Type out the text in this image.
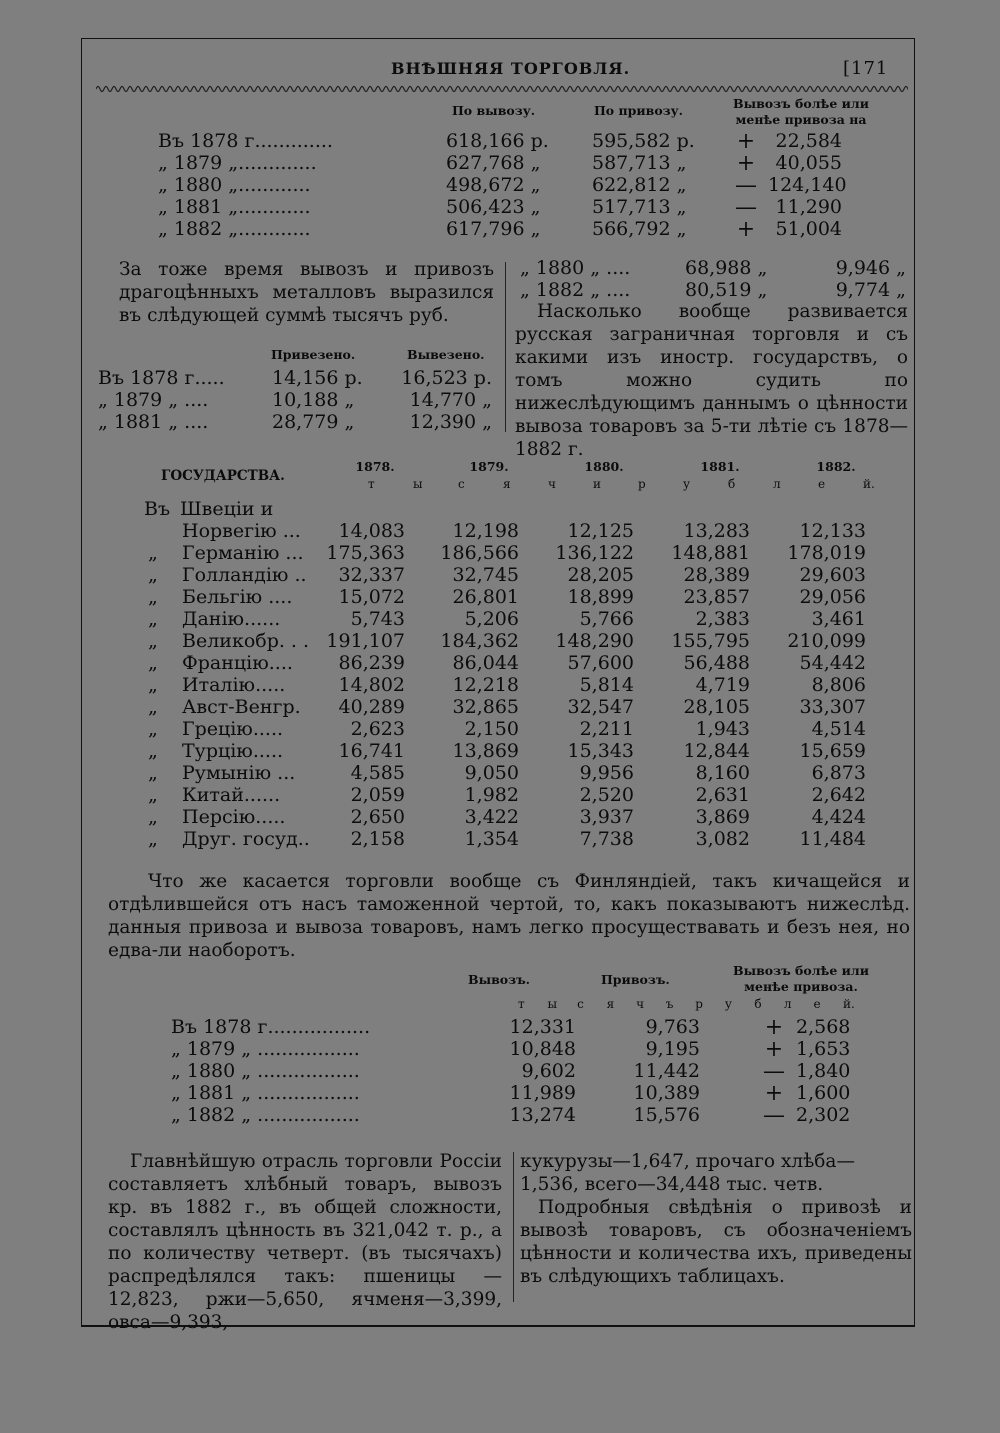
ВНѢШНЯЯ ТОРГОВЛЯ.	[171
По вывозу.	По привозу.	Вывозъ болѣе или
менѣе привоза на
Въ 1878 г.............	618,166 р. 595,582 р. +	22,584
„ 1879 „.............	627,768 „	587,713 „ +	40,055
„ 1880 „............	498,672 „	622,812 „ — 124,140
„ 1881 „............	506,423 „	517,713 „ — 11,290
„ 1882 „............	617,796 „	566,792 „ +	51,004

За тоже время вывозъ и привозъ драгоцѣнныхъ металловъ выразился въ слѣдующей суммѣ тысячъ руб.

Привезено.	Вывезено.
Въ 1878 г..... 14,156 р. 16,523 р.
„ 1879 „ ....	10,188 „	14,770 „
„ 1881 „ ....	28,779 „	12,390 „
„ 1880 „ ....	68,988 „	9,946 „
„ 1882 „ ....	80,519 „	9,774 „

Насколько вообще развивается русская заграничная торговля и съ какими изъ иностр. государствъ, о томъ можно судить по нижеслѣдующимъ даннымъ о цѣнности вывоза товаровъ за 5-ти лѣтіе съ 1878—1882 г.

ГОСУДАРСТВА.
1878.	1879.	1880.	1881.	1882.
т	ы	с	я	ч	и	р	у	б	л	е	й.
Въ Швеціи и
Норвегію ...	14,083	12,198	12,125	13,283	12,133
„ Германію ...	175,363	186,566	136,122	148,881	178,019
„ Голландію ..	32,337	32,745	28,205	28,389	29,603
„ Бельгію ....	15,072	26,801	18,899	23,857	29,056
„ Данію......	5,743	5,206	5,766	2,383	3,461
„ Великобр. . . 191,107	184,362	148,290	155,795	210,099
„ Францію....	86,239	86,044	57,600	56,488	54,442
„ Италію.....	14,802	12,218	5,814	4,719	8,806
„ Авст-Венгр.	40,289	32,865	32,547	28,105	33,307
„ Грецію.....	2,623	2,150	2,211	1,943	4,514
„ Турцію.....	16,741	13,869	15,343	12,844	15,659
„ Румынію ...	4,585	9,050	9,956	8,160	6,873
„ Китай......	2,059	1,982	2,520	2,631	2,642
„ Персію.....	2,650	3,422	3,937	3,869	4,424
„ Друг. госуд..	2,158	1,354	7,738	3,082	11,484

Что же касается торговли вообще съ Финляндіей, такъ кичащейся и отдѣлившейся отъ насъ таможенной чертой, то, какъ показываютъ нижеслѣд. данныя привоза и вывоза товаровъ, намъ легко просуществавать и безъ нея, но едва-ли наоборотъ.

Вывозъ.	Привозъ.
Вывозъ болѣе или
менѣе привоза.
т ы с я ч ъ р у б л е й.
Въ 1878 г.................	12,331	9,763	+ 2,568
„ 1879 „ .................	10,848	9,195	+ 1,653
„ 1880 „ .................	9,602	11,442	— 1,840
„ 1881 „ .................	11,989	10,389	+ 1,600
„ 1882 „ .................	13,274	15,576	— 2,302

Главнѣйшую отрасль торговли Россіи составляетъ хлѣбный товаръ, вывозъ кр. въ 1882 г., въ общей сложности, составлялъ цѣнность въ 321,042 т. р., а по количеству четверт. (въ тысячахъ) распредѣлялся такъ: пшеницы — 12,823, ржи—5,650, ячменя—3,399, овса—9,393,

кукурузы—1,647, прочаго хлѣба—1,536, всего—34,448 тыс. четв.

Подробныя свѣдѣнія о привозѣ и вывозѣ товаровъ, съ обозначеніемъ цѣнности и количества ихъ, приведены въ слѣдующихъ таблицахъ.
